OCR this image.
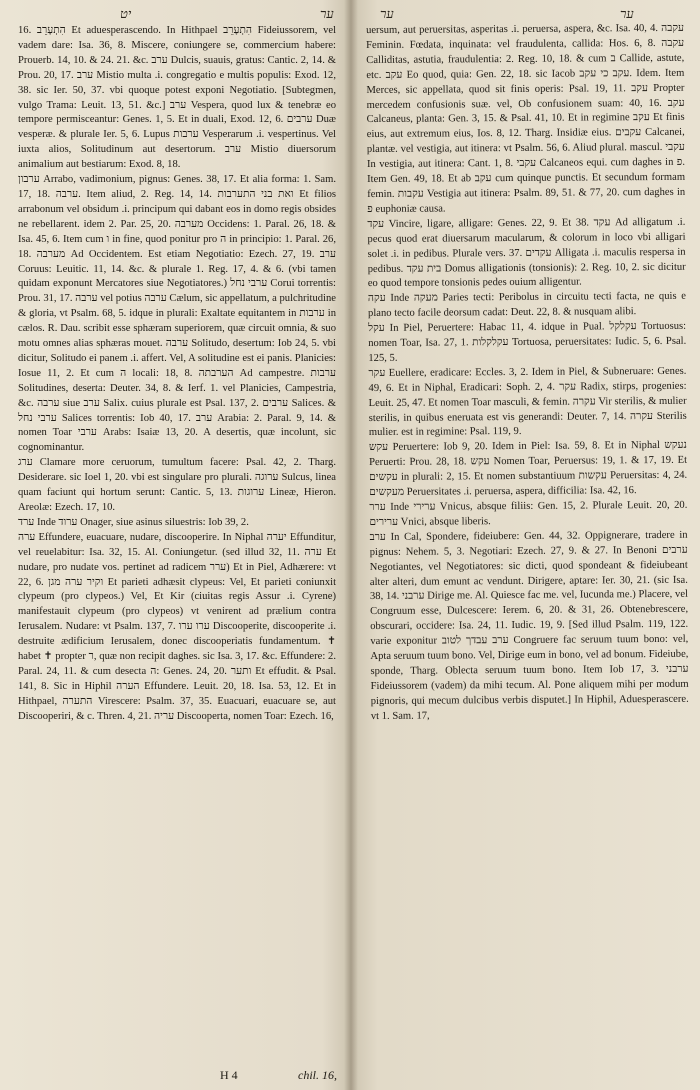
יט	ער	ער	ער

16. הִתְעָרֵב Et aduesperascendo. In Hithpael הִתְעָרֵב Fideiussorem, vel vadem dare: Isa. 36, 8. Miscere, coniungere se, commercium habere: Prouerb. 14, 10. & 24. 21. &c. ערב Dulcis, suauis, gratus: Cantic. 2, 14. & Prou. 20, 17. ערב Mistio multa .i. congregatio e multis populis: Exod. 12, 38. sic Ier. 50, 37. vbi quoque potest exponi Negotiatio. [Subtegmen, vulgo Trama: Leuit. 13, 51. &c.] ערב Vespera, quod lux & tenebræ eo tempore permisceantur: Genes. 1, 5. Et in duali, Exod. 12, 6. ערבים Duæ vesperæ. & plurale Ier. 5, 6. Lupus ערבות Vesperarum .i. vespertinus. Vel iuxta alios, Solitudinum aut desertorum. ערב Mistio diuersorum animalium aut bestiarum: Exod. 8, 18.

ערבון Arrabo, vadimonium, pignus: Genes. 38, 17. Et alia forma: 1. Sam. 17, 18. ערבה. Item aliud, 2. Reg. 14, 14. ואת בני התערבות Et filios arrabonum vel obsidum .i. principum qui dabant eos in domo regis obsides ne rebellarent. idem 2. Par. 25, 20. מערבה Occidens: 1. Paral. 26, 18. & Isa. 45, 6. Item cum ו in fine, quod ponitur pro ה in principio: 1. Paral. 26, 18. מערבה Ad Occidentem. Est etiam Negotiatio: Ezech. 27, 19. ערב Coruus: Leuitic. 11, 14. &c. & plurale 1. Reg. 17, 4. & 6. (vbi tamen quidam exponunt Mercatores siue Negotiatores.) ערבי נחל Corui torrentis: Prou. 31, 17. ערבה vel potius ערבה Cælum, sic appellatum, a pulchritudine & gloria, vt Psalm. 68, 5. idque in plurali: Exaltate equitantem in ערבות in cælos. R. Dau. scribit esse sphæram superiorem, quæ circuit omnia, & suo motu omnes alias sphæras mouet. ערבה Solitudo, desertum: Iob 24, 5. vbi dicitur, Solitudo ei panem .i. affert. Vel, A solitudine est ei panis. Planicies: Iosue 11, 2. Et cum ה locali: 18, 8. הערבתה Ad campestre. ערבות Solitudines, deserta: Deuter. 34, 8. & Ierf. 1. vel Planicies, Campestria, &c. ערבה siue ערב Salix. cuius plurale est Psal. 137, 2. ערבים Salices. & ערבי נחל Salices torrentis: Iob 40, 17. ערב Arabia: 2. Paral. 9, 14. & nomen Toar ערבי Arabs: Isaiæ 13, 20. A desertis, quæ incolunt, sic cognominantur.

ערג Clamare more ceruorum, tumultum facere: Psal. 42, 2. Tharg. Desiderare. sic Ioel 1, 20. vbi est singulare pro plurali. ערוגה Sulcus, linea quam faciunt qui hortum serunt: Cantic. 5, 13. ערוגות Lineæ, Hieron. Areolæ: Ezech. 17, 10.

ערד Inde ערוד Onager, siue asinus siluestris: Iob 39, 2.

ערה Effundere, euacuare, nudare, discooperire. In Niphal יערה Effunditur, vel reuelabitur: Isa. 32, 15. Al. Coniungetur. (sed illud 32, 11. ערה Et nudare, pro nudate vos. pertinet ad radicem ערר) Et in Piel, Adhærere: vt 22, 6. וקיר ערה מגן Et parieti adhæsit clypeus: Vel, Et parieti coniunxit clypeum (pro clypeos.) Vel, Et Kir (ciuitas regis Assur .i. Cyrene) manifestauit clypeum (pro clypeos) vt venirent ad prælium contra Ierusalem. Nudare: vt Psalm. 137, 7. ערו ערו Discooperite, discooperite .i. destruite ædificium Ierusalem, donec discooperiatis fundamentum. ✝ habet ✝ propter ר, quæ non recipit daghes. sic Isa. 3, 17. &c. Effundere: 2. Paral. 24, 11. & cum desecta ה: Genes. 24, 20. ותער Et effudit. & Psal. 141, 8. Sic in Hiphil הערה Effundere. Leuit. 20, 18. Isa. 53, 12. Et in Hithpael, התערה Virescere: Psalm. 37, 35. Euacuari, euacuare se, aut Discooperiri, & c. Thren. 4, 21. עריה Discooperta, nomen Toar: Ezech. 16,

uersum, aut peruersitas, asperitas .i. peruersa, aspera, &c. Isa. 40, 4. עקבה Feminin. Fœdata, inquinata: vel fraudulenta, callida: Hos. 6, 8. עקבה Calliditas, astutia, fraudulentia: 2. Reg. 10, 18. & cum ב Callide, astute, etc. עקב Eo quod, quia: Gen. 22, 18. sic Iacob עקב כי עקב. Idem. Item Merces, sic appellata, quod sit finis operis: Psal. 19, 11. עקב Propter mercedem confusionis suæ. vel, Ob confusionem suam: 40, 16. עקב Calcaneus, planta: Gen. 3, 15. & Psal. 41, 10. Et in regimine עקב Et finis eius, aut extremum eius, Ios. 8, 12. Tharg. Insidiæ eius. עקבים Calcanei, plantæ. vel vestigia, aut itinera: vt Psalm. 56, 6. Aliud plural. mascul. עקבי In vestigia, aut itinera: Cant. 1, 8. עקבי Calcaneos equi. cum daghes in פ. Item Gen. 49, 18. Et ab עקב cum quinque punctis. Et secundum formam femin. עקבות Vestigia aut itinera: Psalm. 89, 51. & 77, 20. cum daghes in פ euphoniæ causa.

עקד Vincire, ligare, alligare: Genes. 22, 9. Et 38. עקד Ad alligatum .i. pecus quod erat diuersarum macularum, & colorum in loco vbi alligari solet .i. in pedibus. Plurale vers. 37. עקדים Alligata .i. maculis respersa in pedibus. בית עקד Domus alligationis (tonsionis): 2. Reg. 10, 2. sic dicitur eo quod tempore tonsionis pedes ouium alligentur.

עקה Inde מעקה Paries tecti: Peribolus in circuitu tecti facta, ne quis e plano tecto facile deorsum cadat: Deut. 22, 8. & nusquam alibi.

עקל In Piel, Peruertere: Habac 11, 4. idque in Pual. עקלקל Tortuosus: nomen Toar, Isa. 27, 1. עקלקלות Tortuosa, peruersitates: Iudic. 5, 6. Psal. 125, 5.

עקר Euellere, eradicare: Eccles. 3, 2. Idem in Piel, & Subneruare: Genes. 49, 6. Et in Niphal, Eradicari: Soph. 2, 4. עקר Radix, stirps, progenies: Leuit. 25, 47. Et nomen Toar masculi, & femin. עקרה Vir sterilis, & mulier sterilis, in quibus eneruata est vis generandi: Deuter. 7, 14. עקרה Sterilis mulier. est in regimine: Psal. 119, 9.

עקש Peruertere: Iob 9, 20. Idem in Piel: Isa. 59, 8. Et in Niphal נעקש Peruerti: Prou. 28, 18. עקש Nomen Toar, Peruersus: 19, 1. & 17, 19. Et עקשים in plurali: 2, 15. Et nomen substantiuum עקשות Peruersitas: 4, 24. מעקשים Peruersitates .i. peruersa, aspera, difficilia: Isa. 42, 16.

ערר Inde ערירי Vnicus, absque filiis: Gen. 15, 2. Plurale Leuit. 20, 20. ערירים Vnici, absque liberis.

ערב In Cal, Spondere, fideiubere: Gen. 44, 32. Oppignerare, tradere in pignus: Nehem. 5, 3. Negotiari: Ezech. 27, 9. & 27. In Benoni ערבים Negotiantes, vel Negotiatores: sic dicti, quod spondeant & fideiubeant alter alteri, dum emunt ac vendunt. Dirigere, aptare: Ier. 30, 21. (sic Isa. 38, 14. ערבני Dirige me. Al. Quiesce fac me. vel, Iucunda me.) Placere, vel Congruum esse, Dulcescere: Ierem. 6, 20. & 31, 26. Obtenebrescere, obscurari, occidere: Isa. 24, 11. Iudic. 19, 9. [Sed illud Psalm. 119, 122. varie exponitur ערב עבדך לטוב Congruere fac seruum tuum bono: vel, Apta seruum tuum bono. Vel, Dirige eum in bono, vel ad bonum. Fideiube, spondе, Tharg. Oblecta seruum tuum bono. Item Iob 17, 3. ערבני Fideiussorem (vadem) da mihi tecum. Al. Pone aliquem mihi per modum pignoris, qui mecum dulcibus verbis disputet.] In Hiphil, Aduesperascere. vt 1. Sam. 17,

H 4	chil. 16,
